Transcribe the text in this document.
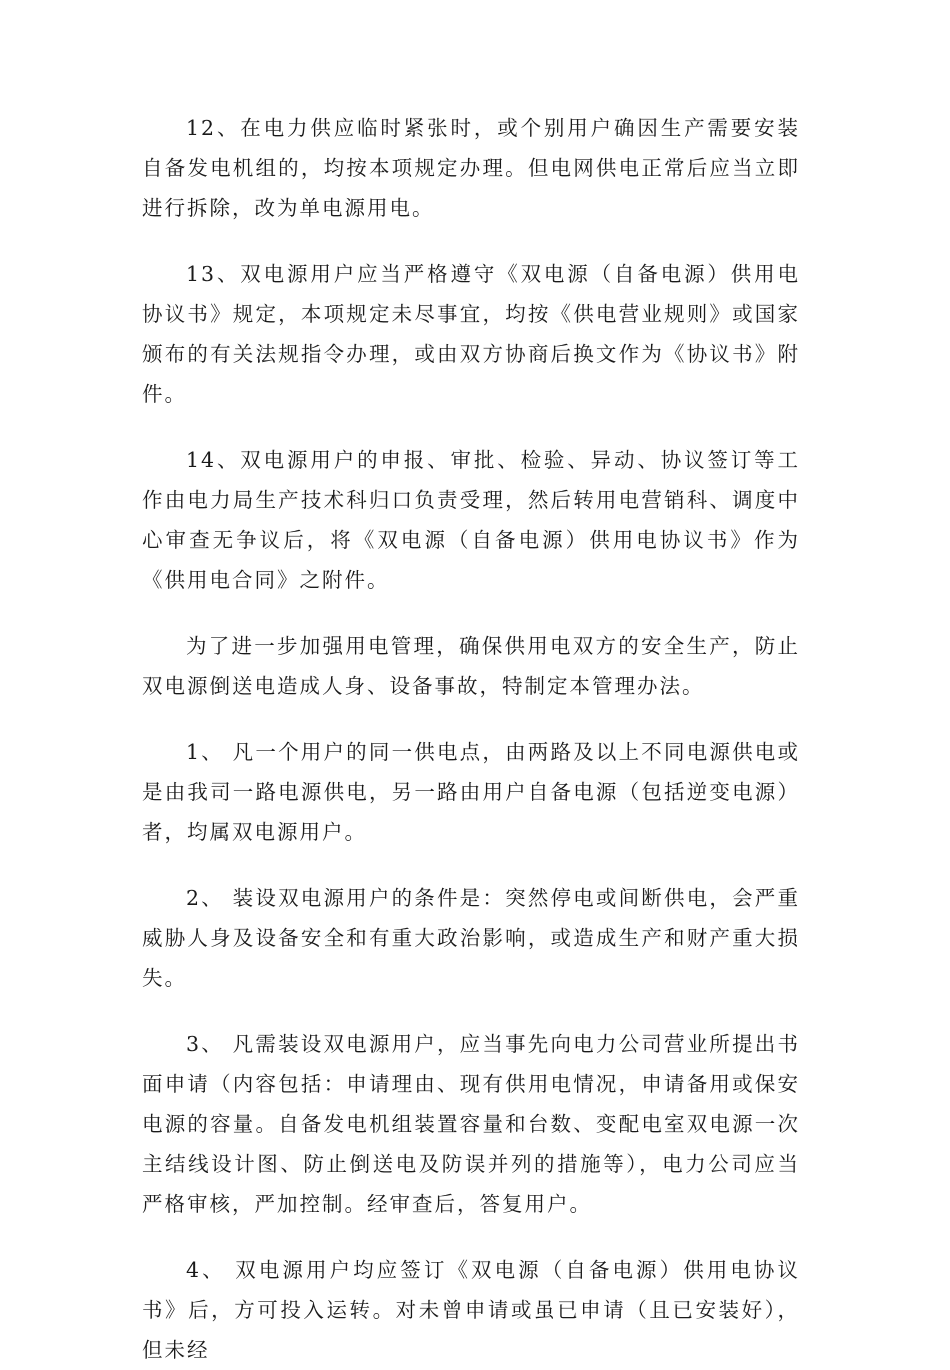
12、在电力供应临时紧张时，或个别用户确因生产需要安装自备发电机组的，均按本项规定办理。但电网供电正常后应当立即进行拆除，改为单电源用电。

13、双电源用户应当严格遵守《双电源（自备电源）供用电协议书》规定，本项规定未尽事宜，均按《供电营业规则》或国家颁布的有关法规指令办理，或由双方协商后换文作为《协议书》附件。

14、双电源用户的申报、审批、检验、异动、协议签订等工作由电力局生产技术科归口负责受理，然后转用电营销科、调度中心审查无争议后，将《双电源（自备电源）供用电协议书》作为《供用电合同》之附件。

为了进一步加强用电管理，确保供用电双方的安全生产，防止双电源倒送电造成人身、设备事故，特制定本管理办法。

1、 凡一个用户的同一供电点，由两路及以上不同电源供电或是由我司一路电源供电，另一路由用户自备电源（包括逆变电源）者，均属双电源用户。

2、 装设双电源用户的条件是：突然停电或间断供电，会严重威胁人身及设备安全和有重大政治影响，或造成生产和财产重大损失。

3、 凡需装设双电源用户，应当事先向电力公司营业所提出书面申请（内容包括：申请理由、现有供用电情况，申请备用或保安电源的容量。自备发电机组装置容量和台数、变配电室双电源一次主结线设计图、防止倒送电及防误并列的措施等），电力公司应当严格审核，严加控制。经审查后，答复用户。

4、 双电源用户均应签订《双电源（自备电源）供用电协议书》后，方可投入运转。对未曾申请或虽已申请（且已安装好），但未经
